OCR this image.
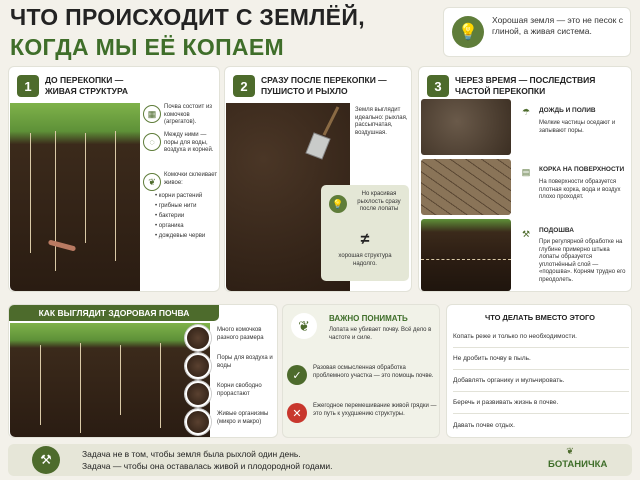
ЧТО ПРОИСХОДИТ С ЗЕМЛЁЙ,
КОГДА МЫ ЕЁ КОПАЕМ
💡
Хорошая земля — это не песок с глиной, а живая система.
1	ДО ПЕРЕКОПКИ — ЖИВАЯ СТРУКТУРА
▦
Почва состоит из комочков (агрегатов).
◌
Между ними — поры для воды, воздуха и корней.
❦
Комочки склеивает живое:
• корни растений
• грибные нити
• бактерии
• органика
• дождевые черви
2	СРАЗУ ПОСЛЕ ПЕРЕКОПКИ — ПУШИСТО И РЫХЛО
Земля выглядит идеально: рыхлая, рассыпчатая, воздушная.
💡
Но красивая рыхлость сразу после лопаты
≠
хорошая структура надолго.
3	ЧЕРЕЗ ВРЕМЯ — ПОСЛЕДСТВИЯ ЧАСТОЙ ПЕРЕКОПКИ
☂	ДОЖДЬ И ПОЛИВ
Мелкие частицы оседают и запывают поры.
▤	КОРКА НА ПОВЕРХНОСТИ
На поверхности образуется плотная корка, вода и воздух плохо проходят.
⚒	ПОДОШВА
При регулярной обработке на глубине примерно штыка лопаты образуется уплотнённый слой — «подошва». Корням трудно его преодолеть.
КАК ВЫГЛЯДИТ ЗДОРОВАЯ ПОЧВА
Много комочков разного размера
Поры для воздуха и воды
Корни свободно прорастают
Живые организмы (микро и макро)
❦	ВАЖНО ПОНИМАТЬ
Лопата не убивает почву. Всё дело в частоте и силе.
✓
Разовая осмысленная обработка проблемного участка — это помощь почве.
✕
Ежегодное перемешивание живой грядки — это путь к ухудшению структуры.
ЧТО ДЕЛАТЬ ВМЕСТО ЭТОГО
Копать реже и только по необходимости.
Не дробить почву в пыль.
Добавлять органику и мульчировать.
Беречь и развивать жизнь в почве.
Давать почве отдых.
⚒	Задача не в том, чтобы земля была рыхлой один день.
Задача — чтобы она оставалась живой и плодородной годами.
❦
БОТАНИЧКА
